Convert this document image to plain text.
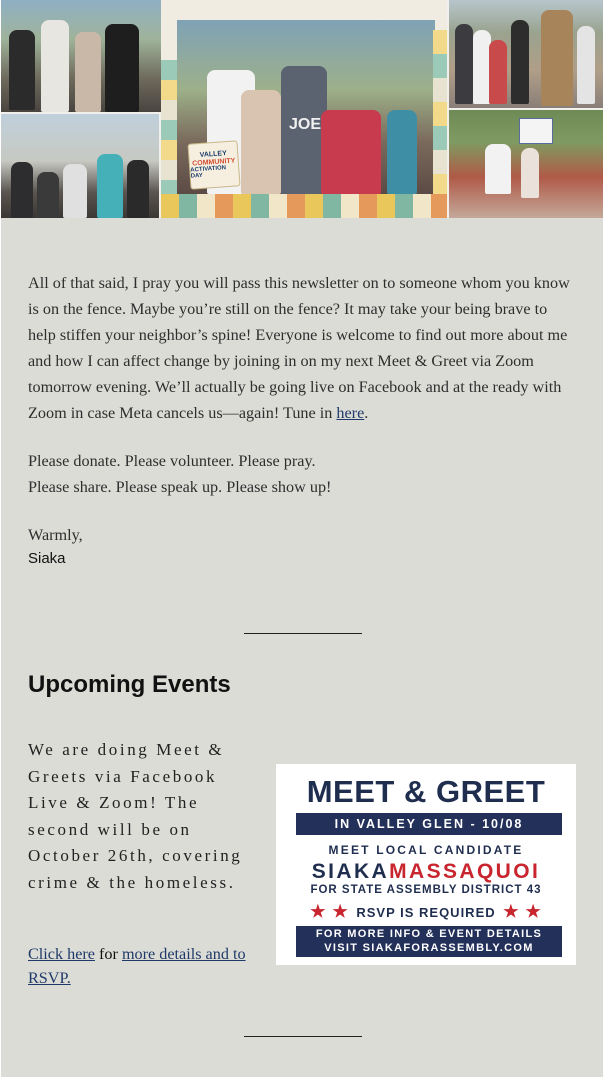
JOE
VALLEY
COMMUNITY
ACTIVATION DAY

All of that said, I pray you will pass this newsletter on to someone whom you know is on the fence. Maybe you’re still on the fence? It may take your being brave to help stiffen your neighbor’s spine! Everyone is welcome to find out more about me and how I can affect change by joining in on my next Meet & Greet via Zoom tomorrow evening. We’ll actually be going live on Facebook and at the ready with Zoom in case Meta cancels us—again! Tune in here.

Please donate. Please volunteer. Please pray.

Please share. Please speak up. Please show up!

Warmly,

Siaka
Upcoming Events

We are doing Meet & Greets via Facebook Live & Zoom! The second will be on October 26th, covering crime & the homeless.

Click here for more details and to RSVP.

MEET & GREET
IN VALLEY GLEN - 10/08
MEET LOCAL CANDIDATE
SIAKAMASSAQUOI
FOR STATE ASSEMBLY DISTRICT 43
★ ★ RSVP IS REQUIRED ★ ★
FOR MORE INFO & EVENT DETAILS
VISIT SIAKAFORASSEMBLY.COM
